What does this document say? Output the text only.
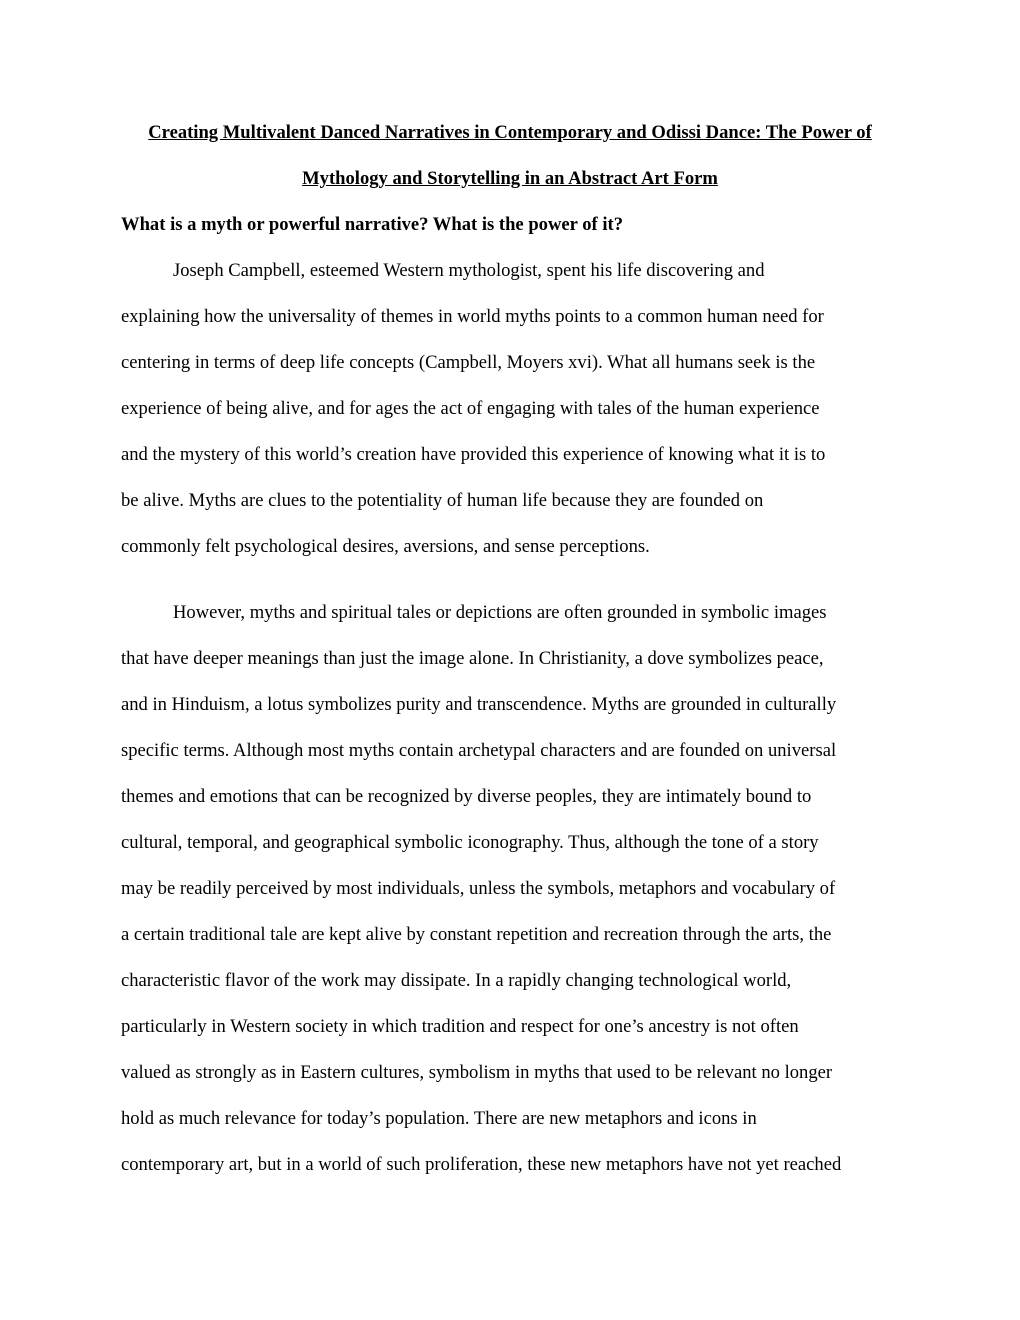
Creating Multivalent Danced Narratives in Contemporary and Odissi Dance: The Power of

Mythology and Storytelling in an Abstract Art Form

What is a myth or powerful narrative? What is the power of it?

Joseph Campbell, esteemed Western mythologist, spent his life discovering and

explaining how the universality of themes in world myths points to a common human need for

centering in terms of deep life concepts (Campbell, Moyers xvi). What all humans seek is the

experience of being alive, and for ages the act of engaging with tales of the human experience

and the mystery of this world’s creation have provided this experience of knowing what it is to

be alive. Myths are clues to the potentiality of human life because they are founded on

commonly felt psychological desires, aversions, and sense perceptions.

However, myths and spiritual tales or depictions are often grounded in symbolic images

that have deeper meanings than just the image alone. In Christianity, a dove symbolizes peace,

and in Hinduism, a lotus symbolizes purity and transcendence. Myths are grounded in culturally

specific terms. Although most myths contain archetypal characters and are founded on universal

themes and emotions that can be recognized by diverse peoples, they are intimately bound to

cultural, temporal, and geographical symbolic iconography. Thus, although the tone of a story

may be readily perceived by most individuals, unless the symbols, metaphors and vocabulary of

a certain traditional tale are kept alive by constant repetition and recreation through the arts, the

characteristic flavor of the work may dissipate. In a rapidly changing technological world,

particularly in Western society in which tradition and respect for one’s ancestry is not often

valued as strongly as in Eastern cultures, symbolism in myths that used to be relevant no longer

hold as much relevance for today’s population. There are new metaphors and icons in

contemporary art, but in a world of such proliferation, these new metaphors have not yet reached
